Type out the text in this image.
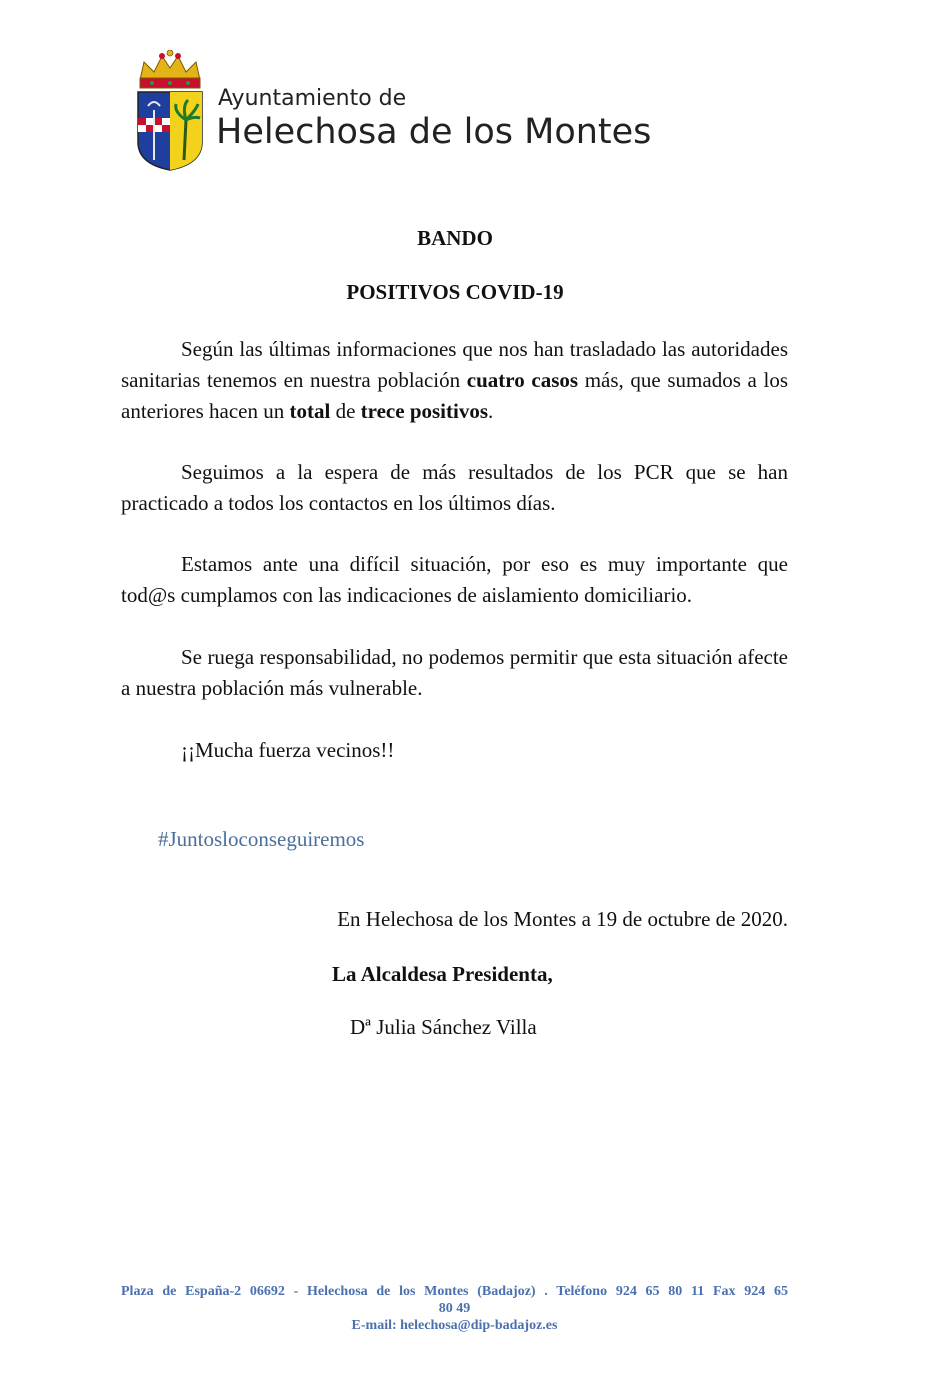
Ayuntamiento de
Helechosa de los Montes
BANDO
POSITIVOS COVID-19

Según las últimas informaciones que nos han trasladado las autoridades sanitarias tenemos en nuestra población cuatro casos más, que sumados a los anteriores hacen un total de trece positivos.

Seguimos a la espera de más resultados de los PCR que se han practicado a todos los contactos en los últimos días.

Estamos ante una difícil situación, por eso es muy importante que tod@s cumplamos con las indicaciones de aislamiento domiciliario.

Se ruega responsabilidad, no podemos permitir que esta situación afecte a nuestra población más vulnerable.

¡¡Mucha fuerza vecinos!!

#Juntosloconseguiremos
En Helechosa de los Montes a 19 de octubre de 2020.
La Alcaldesa Presidenta,
Dª Julia Sánchez Villa
Plaza de España-2 06692 - Helechosa de los Montes (Badajoz) . Teléfono 924 65 80 11 Fax 924 65
80 49
E-mail: helechosa@dip-badajoz.es
